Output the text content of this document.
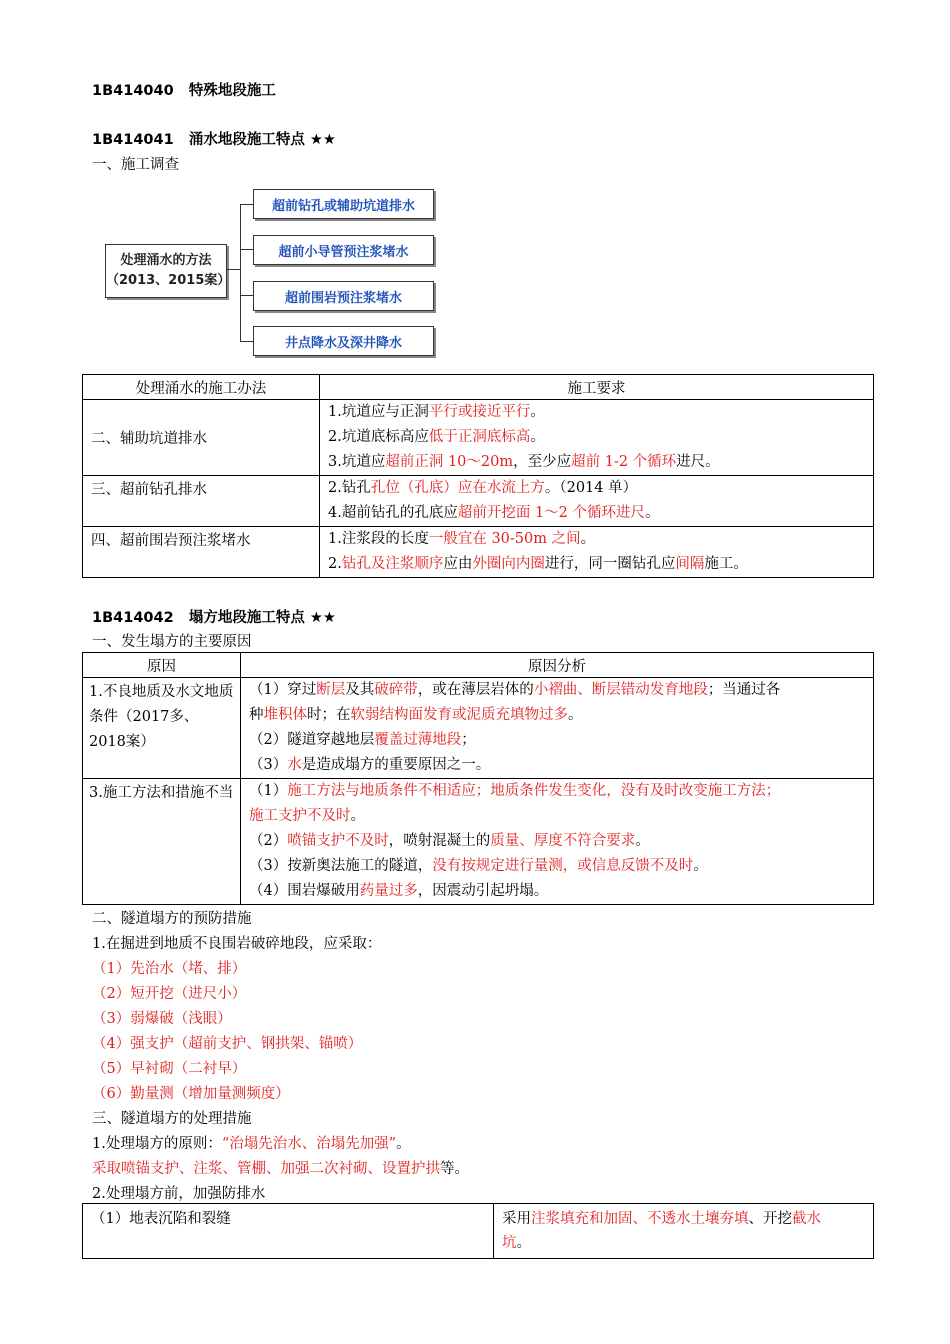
1B414040 特殊地段施工
1B414041 涌水地段施工特点 ★★
一、施工调查
处理涌水的方法
（2013、2015案）
超前钻孔或辅助坑道排水
超前小导管预注浆堵水
超前围岩预注浆堵水
井点降水及深井降水
处理涌水的施工办法	施工要求
二、辅助坑道排水	1.坑道应与正洞平行或接近平行。
2.坑道底标高应低于正洞底标高。
3.坑道应超前正洞 10～20m，至少应超前 1-2 个循环进尺。

三、超前钻孔排水	2.钻孔孔位（孔底）应在水流上方。（2014 单）
4.超前钻孔的孔底应超前开挖面 1～2 个循环进尺。

四、超前围岩预注浆堵水	1.注浆段的长度一般宜在 30-50m 之间。
2.钻孔及注浆顺序应由外圈向内圈进行，同一圈钻孔应间隔施工。
1B414042 塌方地段施工特点 ★★
一、发生塌方的主要原因
原因	原因分析
1.不良地质及水文地质条件（2017多、2018案）	（1）穿过断层及其破碎带，或在薄层岩体的小褶曲、断层错动发育地段；当通过各
种堆积体时；在软弱结构面发育或泥质充填物过多。
（2）隧道穿越地层覆盖过薄地段；
（3）水是造成塌方的重要原因之一。

3.施工方法和措施不当	（1）施工方法与地质条件不相适应；地质条件发生变化，没有及时改变施工方法；
施工支护不及时。
（2）喷锚支护不及时，喷射混凝土的质量、厚度不符合要求。
（3）按新奥法施工的隧道，没有按规定进行量测，或信息反馈不及时。
（4）围岩爆破用药量过多，因震动引起坍塌。
二、隧道塌方的预防措施
1.在掘进到地质不良围岩破碎地段，应采取：
（1）先治水（堵、排）
（2）短开挖（进尺小）
（3）弱爆破（浅眼）
（4）强支护（超前支护、钢拱架、锚喷）
（5）早衬砌（二衬早）
（6）勤量测（增加量测频度）
三、隧道塌方的处理措施
1.处理塌方的原则：“治塌先治水、治塌先加强”。
采取喷锚支护、注浆、管棚、加强二次衬砌、设置护拱等。
2.处理塌方前，加强防排水
（1）地表沉陷和裂缝	采用注浆填充和加固、不透水土壤夯填、开挖截水
坑。
